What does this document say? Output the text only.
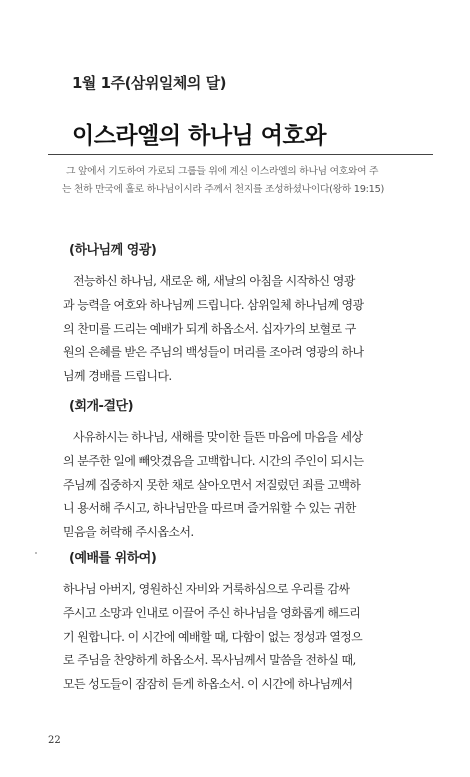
1월 1주(삼위일체의 달)
이스라엘의 하나님 여호와
그 앞에서 기도하여 가로되 그룹들 위에 계신 이스라엘의 하나님 여호와여 주
는 천하 만국에 홀로 하나님이시라 주께서 천지를 조성하셨나이다(왕하 19:15)
(하나님께 영광)
전능하신 하나님, 새로운 해, 새날의 아침을 시작하신 영광
과 능력을 여호와 하나님께 드립니다. 삼위일체 하나님께 영광
의 찬미를 드리는 예배가 되게 하옵소서. 십자가의 보혈로 구
원의 은혜를 받은 주님의 백성들이 머리를 조아려 영광의 하나
님께 경배를 드립니다.
(회개-결단)
사유하시는 하나님, 새해를 맞이한 들뜬 마음에 마음을 세상
의 분주한 일에 빼앗겼음을 고백합니다. 시간의 주인이 되시는
주님께 집중하지 못한 채로 살아오면서 저질렀던 죄를 고백하
니 용서해 주시고, 하나님만을 따르며 즐거워할 수 있는 귀한
믿음을 허락해 주시옵소서.
(예배를 위하여)
하나님 아버지, 영원하신 자비와 거룩하심으로 우리를 감싸
주시고 소망과 인내로 이끌어 주신 하나님을 영화롭게 해드리
기 원합니다. 이 시간에 예배할 때, 다함이 없는 정성과 열정으
로 주님을 찬양하게 하옵소서. 목사님께서 말씀을 전하실 때,
모든 성도들이 잠잠히 듣게 하옵소서. 이 시간에 하나님께서
22
